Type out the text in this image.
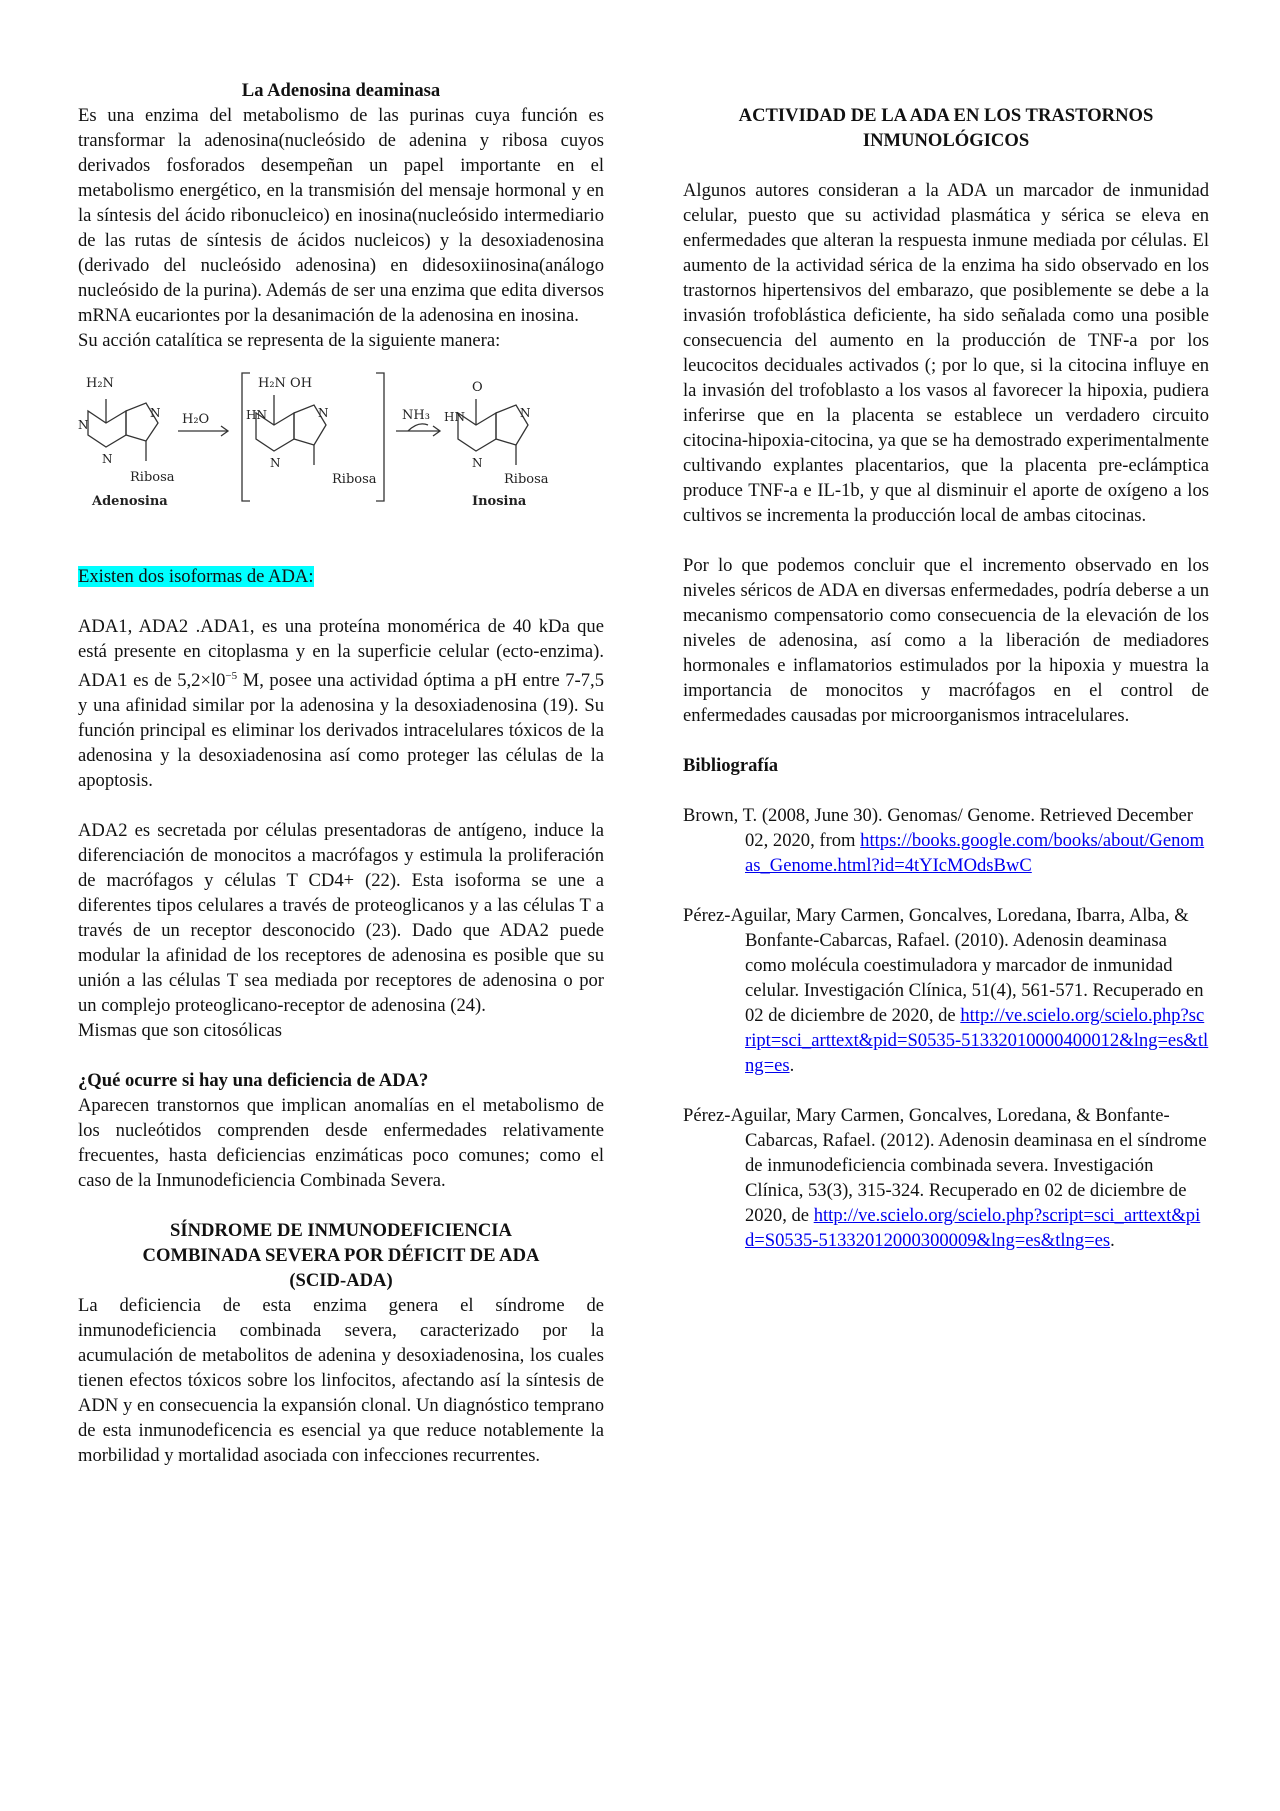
La Adenosina deaminasa

Es una enzima del metabolismo de las purinas cuya función es transformar la adenosina(nucleósido de adenina y ribosa cuyos derivados fosforados desempeñan un papel importante en el metabolismo energético, en la transmisión del mensaje hormonal y en la síntesis del ácido ribonucleico) en inosina(nucleósido intermediario de las rutas de síntesis de ácidos nucleicos) y la desoxiadenosina (derivado del nucleósido adenosina) en didesoxiinosina(análogo nucleósido de la purina). Además de ser una enzima que edita diversos mRNA eucariontes por la desanimación de la adenosina en inosina.

Su acción catalítica se representa de la siguiente manera:

H₂N
N
N
N
H₂O
Ribosa
Adenosina
H₂N OH
HN	N
N
Ribosa
NH₃
O
HN	N
N
Ribosa
Inosina

Existen dos isoformas de ADA:

ADA1, ADA2 .ADA1, es una proteína monomérica de 40 kDa que está presente en citoplasma y en la superficie celular (ecto-enzima). ADA1 es de $5,2\times l0^{-5}$ M, posee una actividad óptima a pH entre 7-7,5 y una afinidad similar por la adenosina y la desoxiadenosina (19). Su función principal es eliminar los derivados intracelulares tóxicos de la adenosina y la desoxiadenosina así como proteger las células de la apoptosis.

ADA2 es secretada por células presentadoras de antígeno, induce la diferenciación de monocitos a macrófagos y estimula la proliferación de macrófagos y células T CD4+ (22). Esta isoforma se une a diferentes tipos celulares a través de proteoglicanos y a las células T a través de un receptor desconocido (23). Dado que ADA2 puede modular la afinidad de los receptores de adenosina es posible que su unión a las células T sea mediada por receptores de adenosina o por un complejo proteoglicano-receptor de adenosina (24).

Mismas que son citosólicas

¿Qué ocurre si hay una deficiencia de ADA?

Aparecen transtornos que implican anomalías en el metabolismo de los nucleótidos comprenden desde enfermedades relativamente frecuentes, hasta deficiencias enzimáticas poco comunes; como el caso de la Inmunodeficiencia Combinada Severa.

SÍNDROME DE INMUNODEFICIENCIA COMBINADA SEVERA POR DÉFICIT DE ADA (SCID-ADA)

La deficiencia de esta enzima genera el síndrome de inmunodeficiencia combinada severa, caracterizado por la acumulación de metabolitos de adenina y desoxiadenosina, los cuales tienen efectos tóxicos sobre los linfocitos, afectando así la síntesis de ADN y en consecuencia la expansión clonal. Un diagnóstico temprano de esta inmunodeficencia es esencial ya que reduce notablemente la morbilidad y mortalidad asociada con infecciones recurrentes.

ACTIVIDAD DE LA ADA EN LOS TRASTORNOS INMUNOLÓGICOS

Algunos autores consideran a la ADA un marcador de inmunidad celular, puesto que su actividad plasmática y sérica se eleva en enfermedades que alteran la respuesta inmune mediada por células. El aumento de la actividad sérica de la enzima ha sido observado en los trastornos hipertensivos del embarazo, que posiblemente se debe a la invasión trofoblástica deficiente, ha sido señalada como una posible consecuencia del aumento en la producción de TNF-a por los leucocitos deciduales activados (; por lo que, si la citocina influye en la invasión del trofoblasto a los vasos al favorecer la hipoxia, pudiera inferirse que en la placenta se establece un verdadero circuito citocina-hipoxia-citocina, ya que se ha demostrado experimentalmente cultivando explantes placentarios, que la placenta pre-eclámptica produce TNF-a e IL-1b, y que al disminuir el aporte de oxígeno a los cultivos se incrementa la producción local de ambas citocinas.

Por lo que podemos concluir que el incremento observado en los niveles séricos de ADA en diversas enfermedades, podría deberse a un mecanismo compensatorio como consecuencia de la elevación de los niveles de adenosina, así como a la liberación de mediadores hormonales e inflamatorios estimulados por la hipoxia y muestra la importancia de monocitos y macrófagos en el control de enfermedades causadas por microorganismos intracelulares.

Bibliografía

Brown, T. (2008, June 30). Genomas/ Genome. Retrieved December 02, 2020, from https://books.google.com/books/about/Genomas_Genome.html?id=4tYIcMOdsBwC

Pérez-Aguilar, Mary Carmen, Goncalves, Loredana, Ibarra, Alba, & Bonfante-Cabarcas, Rafael. (2010). Adenosin deaminasa como molécula coestimuladora y marcador de inmunidad celular. Investigación Clínica, 51(4), 561-571. Recuperado en 02 de diciembre de 2020, de http://ve.scielo.org/scielo.php?script=sci_arttext&pid=S0535-51332010000400012&lng=es&tlng=es.

Pérez-Aguilar, Mary Carmen, Goncalves, Loredana, & Bonfante-Cabarcas, Rafael. (2012). Adenosin deaminasa en el síndrome de inmunodeficiencia combinada severa. Investigación Clínica, 53(3), 315-324. Recuperado en 02 de diciembre de 2020, de http://ve.scielo.org/scielo.php?script=sci_arttext&pid=S0535-51332012000300009&lng=es&tlng=es.
